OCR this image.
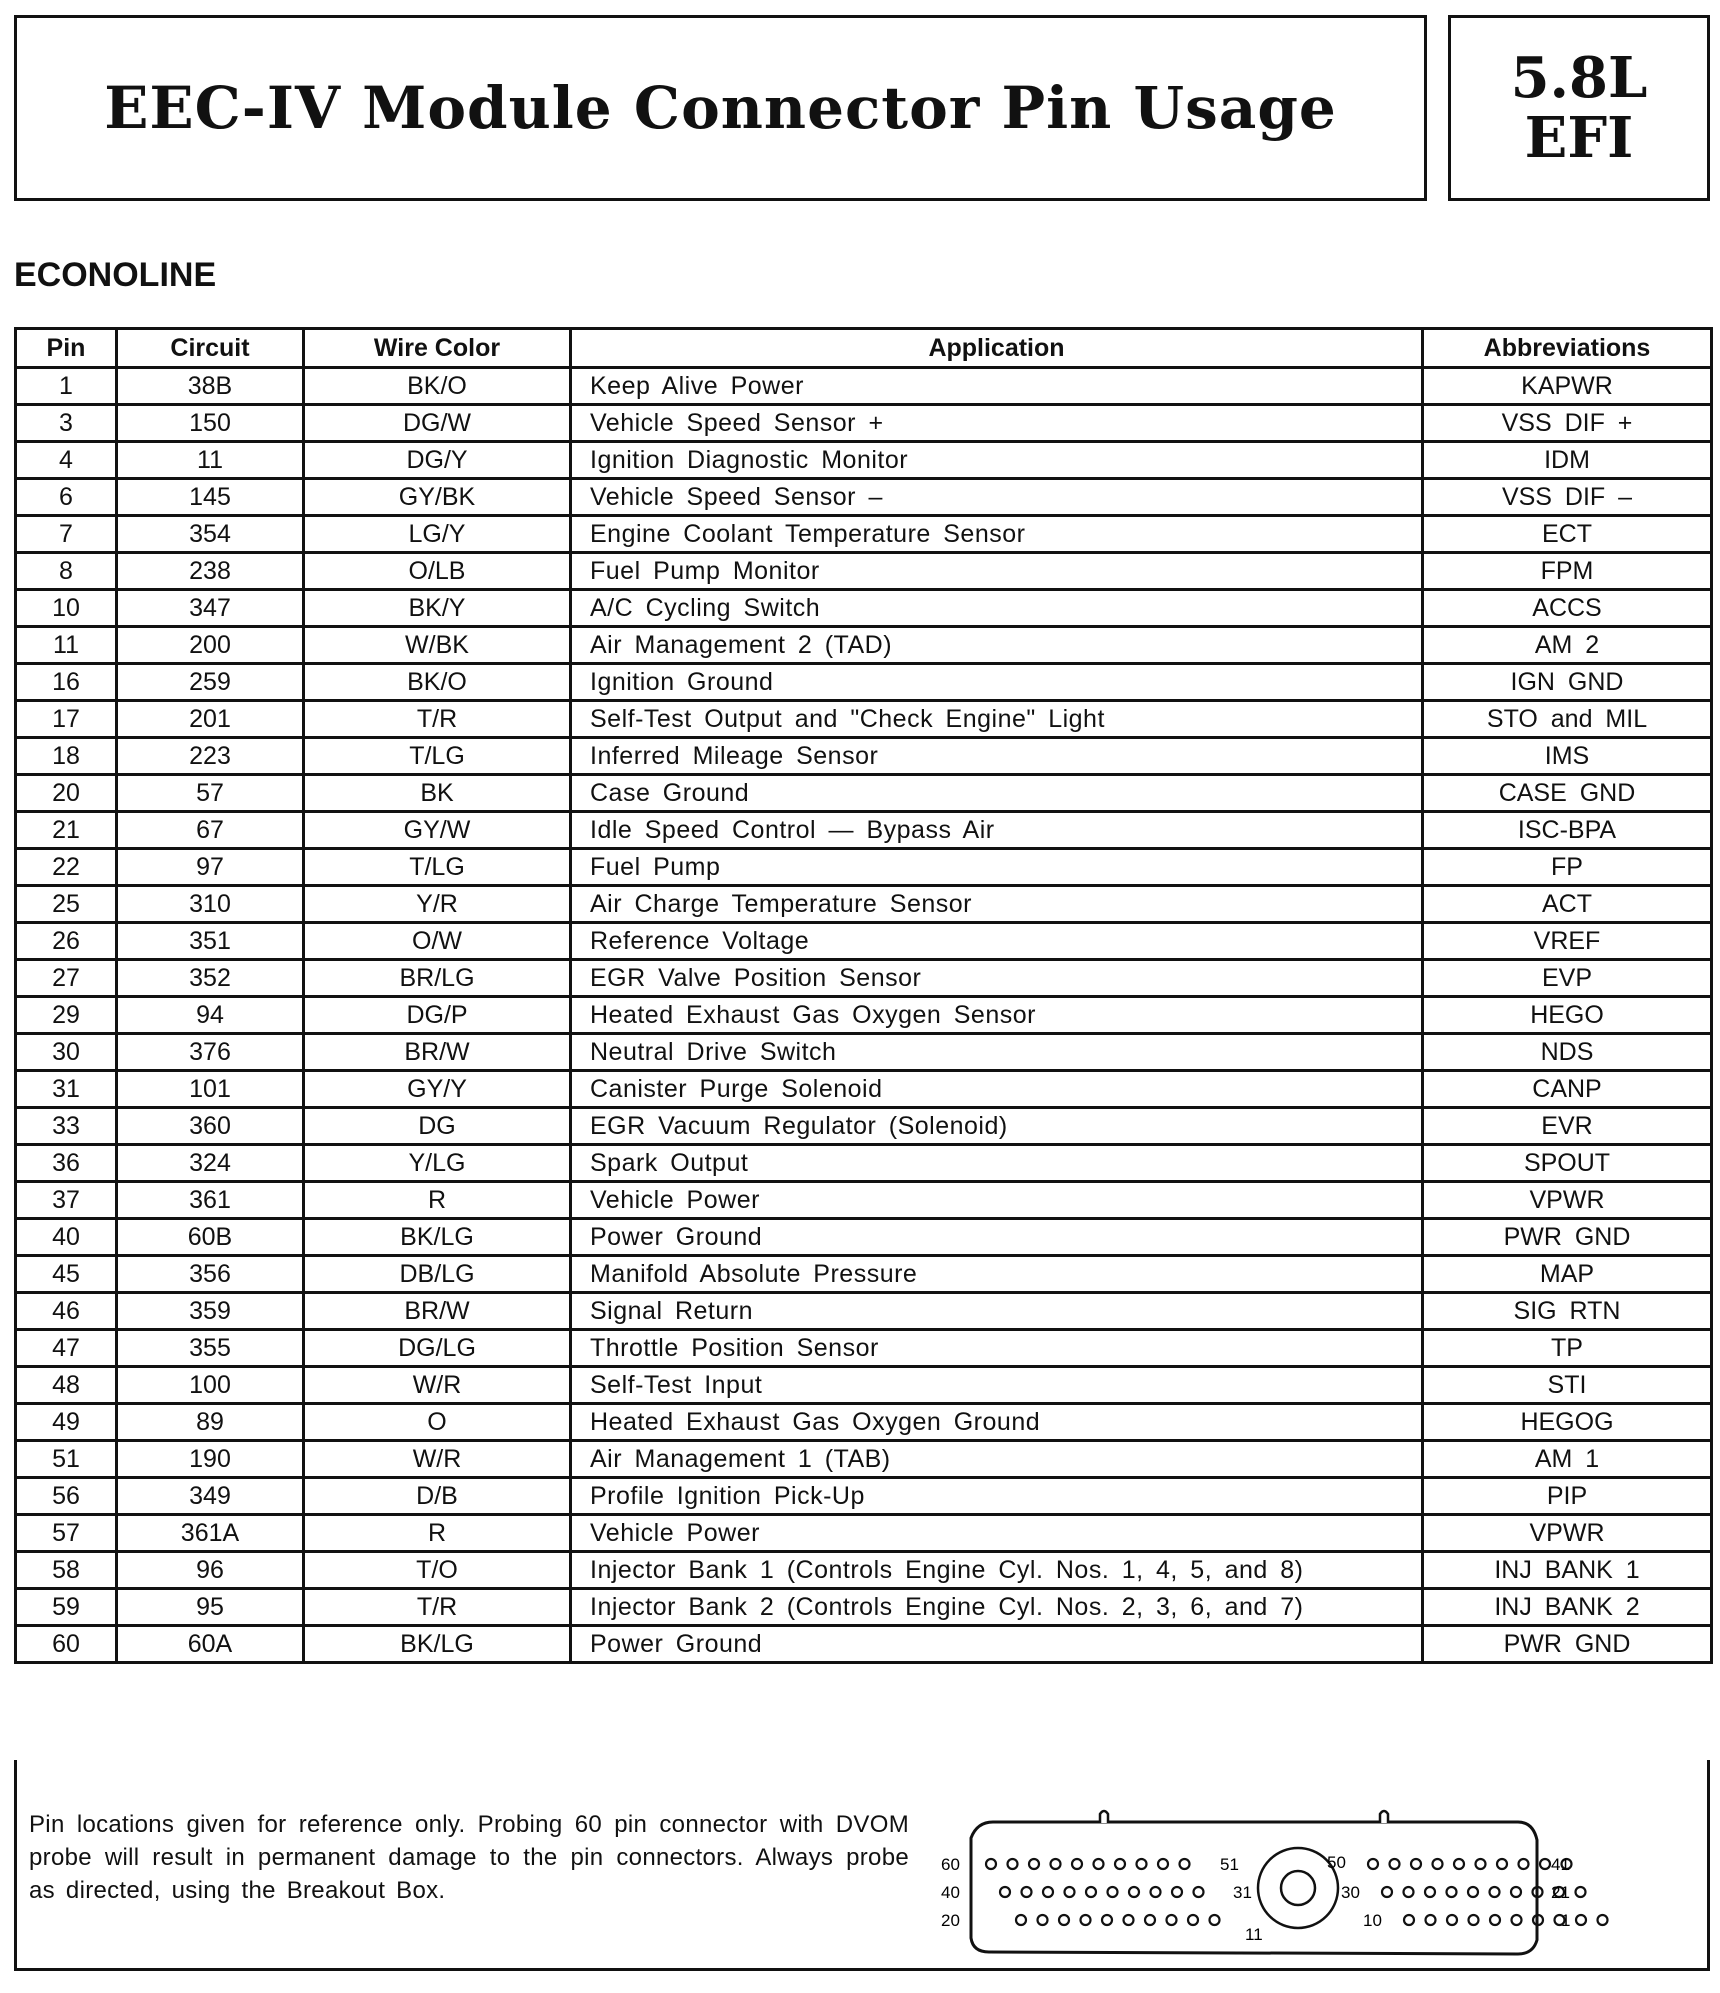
EEC-IV Module Connector Pin Usage	5.8L
EFI
ECONOLINE
Pin	Circuit	Wire Color	Application	Abbreviations
1	38B	BK/O	Keep Alive Power	KAPWR
3	150	DG/W	Vehicle Speed Sensor +	VSS DIF +
4	11	DG/Y	Ignition Diagnostic Monitor	IDM
6	145	GY/BK	Vehicle Speed Sensor –	VSS DIF –
7	354	LG/Y	Engine Coolant Temperature Sensor	ECT
8	238	O/LB	Fuel Pump Monitor	FPM
10	347	BK/Y	A/C Cycling Switch	ACCS
11	200	W/BK	Air Management 2 (TAD)	AM 2
16	259	BK/O	Ignition Ground	IGN GND
17	201	T/R	Self-Test Output and "Check Engine" Light	STO and MIL
18	223	T/LG	Inferred Mileage Sensor	IMS
20	57	BK	Case Ground	CASE GND
21	67	GY/W	Idle Speed Control — Bypass Air	ISC-BPA
22	97	T/LG	Fuel Pump	FP
25	310	Y/R	Air Charge Temperature Sensor	ACT
26	351	O/W	Reference Voltage	VREF
27	352	BR/LG	EGR Valve Position Sensor	EVP
29	94	DG/P	Heated Exhaust Gas Oxygen Sensor	HEGO
30	376	BR/W	Neutral Drive Switch	NDS
31	101	GY/Y	Canister Purge Solenoid	CANP
33	360	DG	EGR Vacuum Regulator (Solenoid)	EVR
36	324	Y/LG	Spark Output	SPOUT
37	361	R	Vehicle Power	VPWR
40	60B	BK/LG	Power Ground	PWR GND
45	356	DB/LG	Manifold Absolute Pressure	MAP
46	359	BR/W	Signal Return	SIG RTN
47	355	DG/LG	Throttle Position Sensor	TP
48	100	W/R	Self-Test Input	STI
49	89	O	Heated Exhaust Gas Oxygen Ground	HEGOG
51	190	W/R	Air Management 1 (TAB)	AM 1
56	349	D/B	Profile Ignition Pick-Up	PIP
57	361A	R	Vehicle Power	VPWR
58	96	T/O	Injector Bank 1 (Controls Engine Cyl. Nos. 1, 4, 5, and 8)	INJ BANK 1
59	95	T/R	Injector Bank 2 (Controls Engine Cyl. Nos. 2, 3, 6, and 7)	INJ BANK 2
60	60A	BK/LG	Power Ground	PWR GND
Pin locations given for reference only. Probing 60 pin connector with DVOM probe will result in permanent damage to the pin connectors. Always probe as directed, using the Breakout Box.
60
40
20
41
21
1
51	50
31	30
11
10
